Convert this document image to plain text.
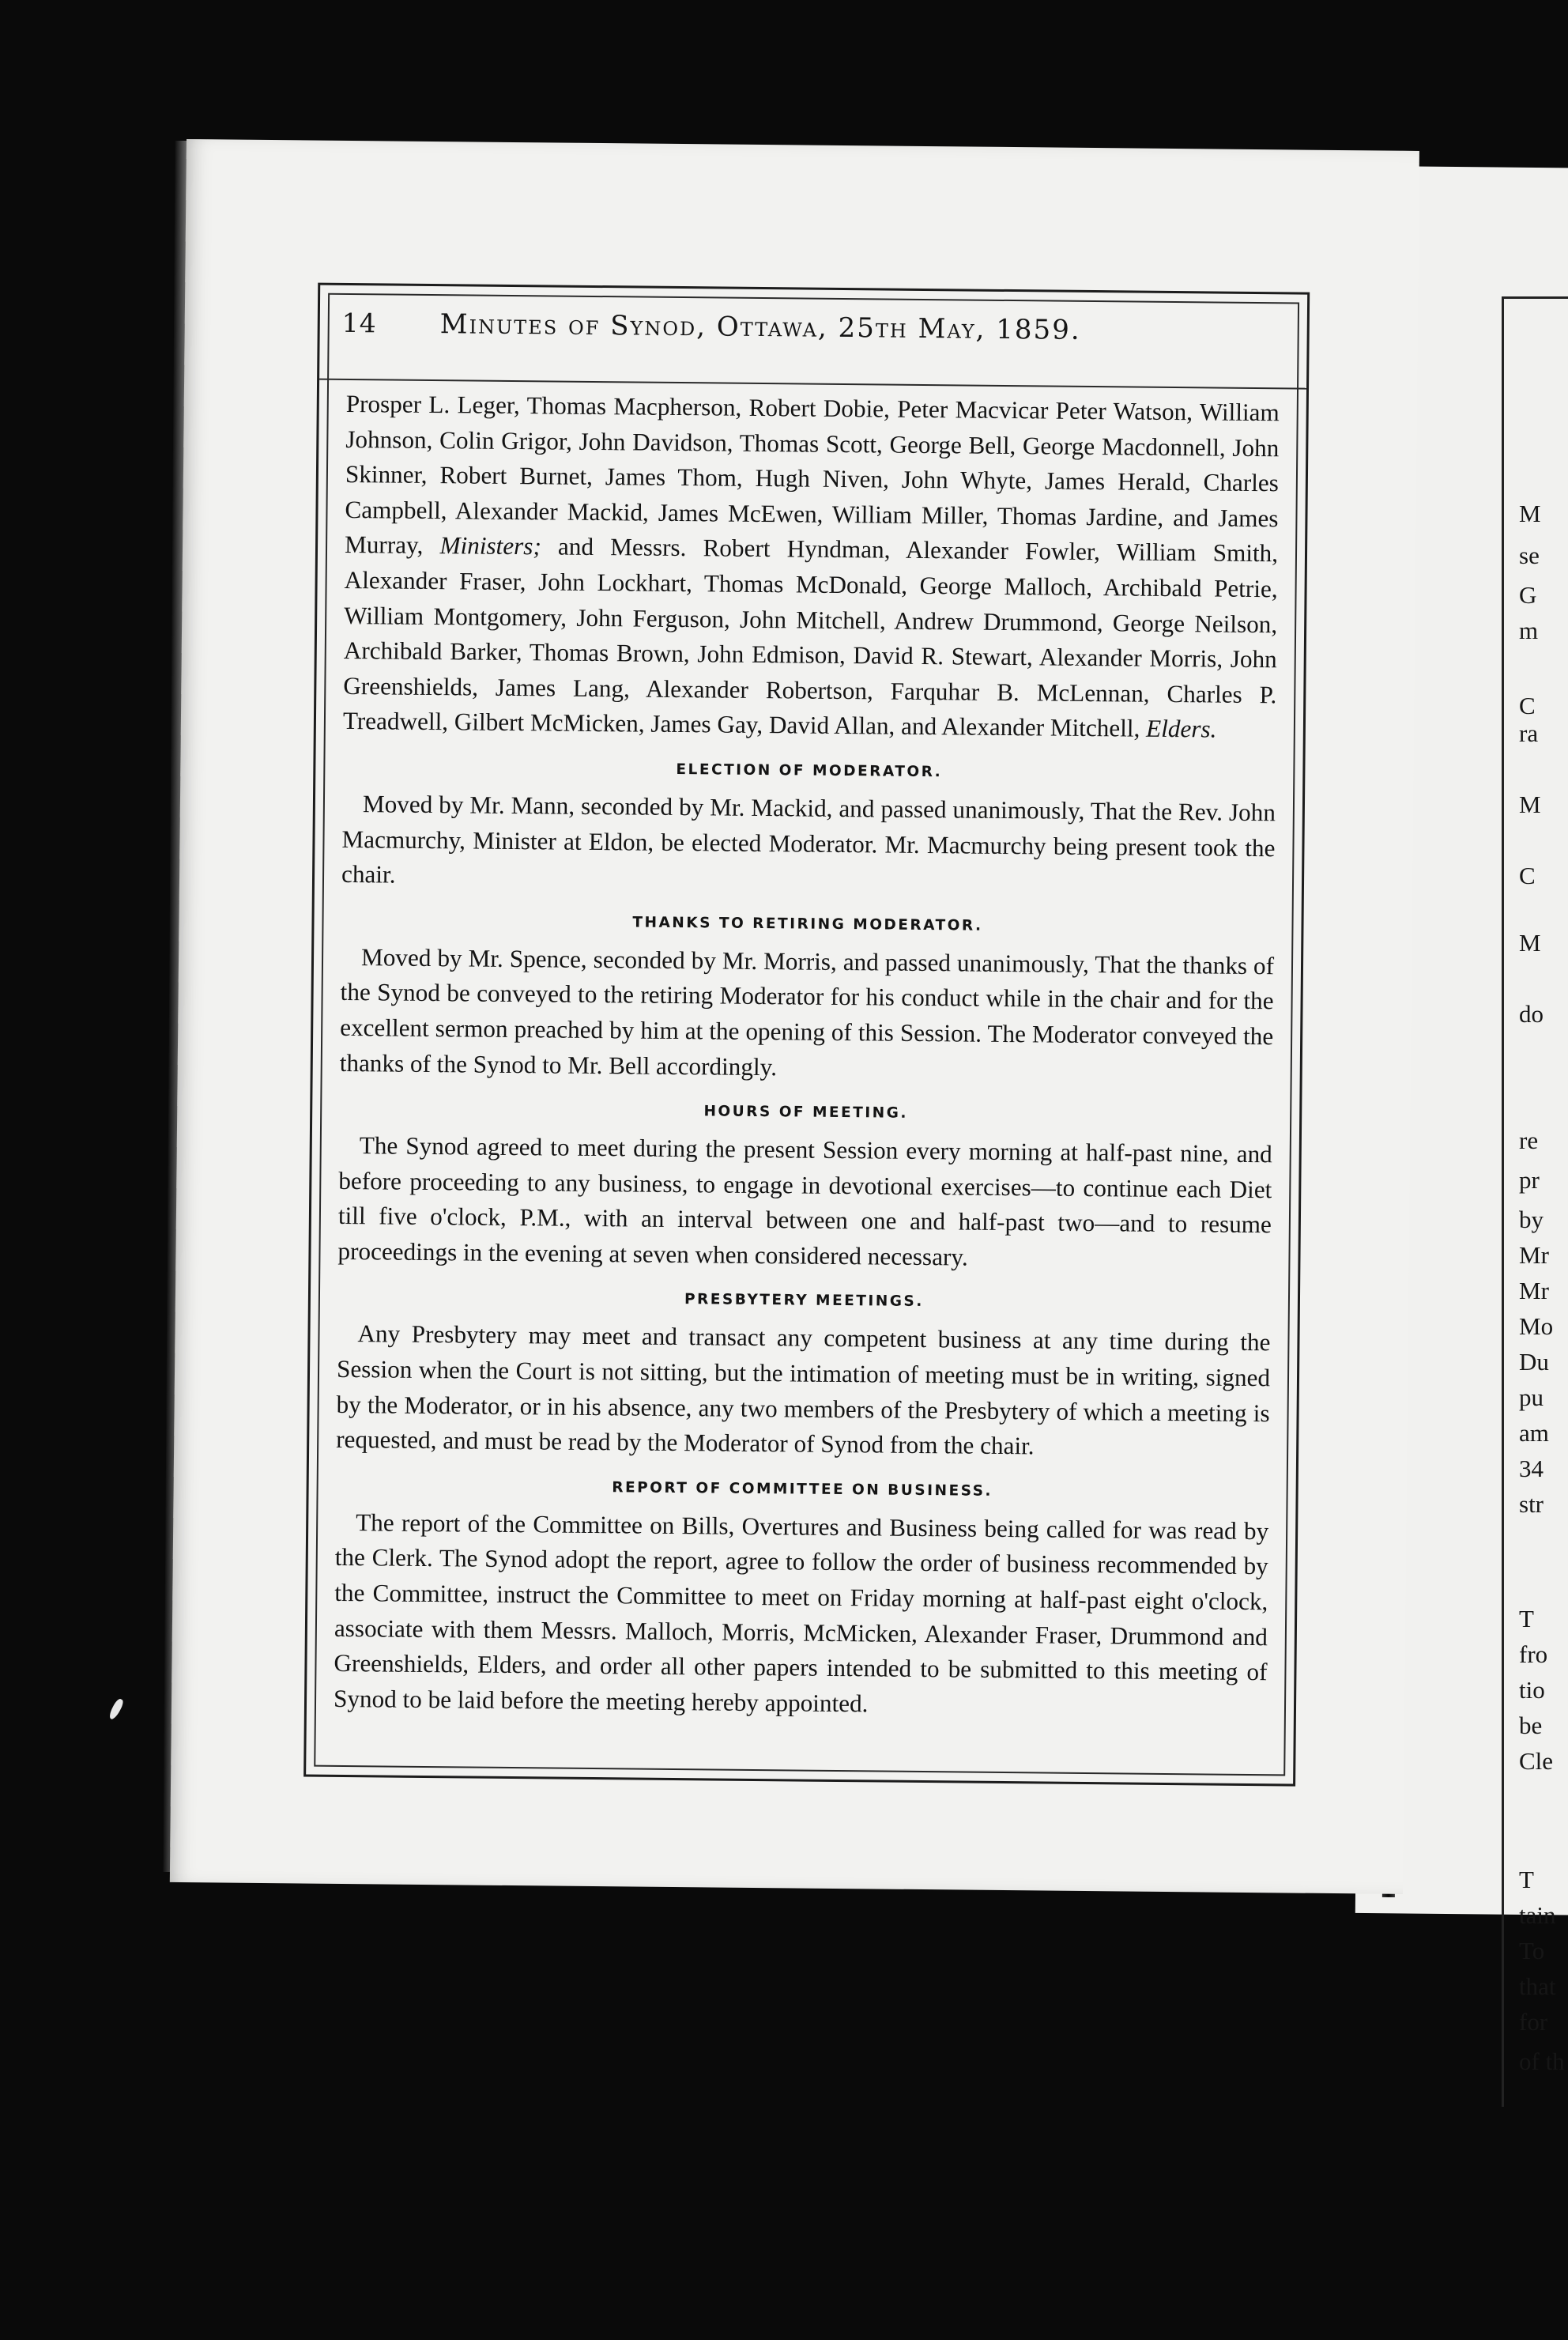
14 Minutes of Synod, Ottawa, 25th May, 1859.

Prosper L. Leger, Thomas Macpherson, Robert Dobie, Peter Macvicar Peter Watson, William Johnson, Colin Grigor, John Davidson, Thomas Scott, George Bell, George Macdonnell, John Skinner, Robert Burnet, James Thom, Hugh Niven, John Whyte, James Herald, Charles Campbell, Alexander Mackid, James McEwen, William Miller, Thomas Jardine, and James Murray, Ministers; and Messrs. Robert Hyndman, Alexander Fowler, William Smith, Alexander Fraser, John Lockhart, Thomas McDonald, George Malloch, Archibald Petrie, William Montgomery, John Ferguson, John Mitchell, Andrew Drummond, George Neilson, Archibald Barker, Thomas Brown, John Edmison, David R. Stewart, Alexander Morris, John Greenshields, James Lang, Alexander Robertson, Farquhar B. McLennan, Charles P. Treadwell, Gilbert McMicken, James Gay, David Allan, and Alexander Mitchell, Elders.

ELECTION OF MODERATOR.

Moved by Mr. Mann, seconded by Mr. Mackid, and passed unanimously, That the Rev. John Macmurchy, Minister at Eldon, be elected Moderator. Mr. Macmurchy being present took the chair.

THANKS TO RETIRING MODERATOR.

Moved by Mr. Spence, seconded by Mr. Morris, and passed unanimously, That the thanks of the Synod be conveyed to the retiring Moderator for his conduct while in the chair and for the excellent sermon preached by him at the opening of this Session. The Moderator conveyed the thanks of the Synod to Mr. Bell accordingly.

HOURS OF MEETING.

The Synod agreed to meet during the present Session every morning at half-past nine, and before proceeding to any business, to engage in devotional exercises—to continue each Diet till five o'clock, P.M., with an interval between one and half-past two—and to resume proceedings in the evening at seven when considered necessary.

PRESBYTERY MEETINGS.

Any Presbytery may meet and transact any competent business at any time during the Session when the Court is not sitting, but the intimation of meeting must be in writing, signed by the Moderator, or in his absence, any two members of the Presbytery of which a meeting is requested, and must be read by the Moderator of Synod from the chair.

REPORT OF COMMITTEE ON BUSINESS.

The report of the Committee on Bills, Overtures and Business being called for was read by the Clerk. The Synod adopt the report, agree to follow the order of business recommended by the Committee, instruct the Committee to meet on Friday morning at half-past eight o'clock, associate with them Messrs. Malloch, Morris, McMicken, Alexander Fraser, Drummond and Greenshields, Elders, and order all other papers intended to be submitted to this meeting of Synod to be laid before the meeting hereby appointed.

M
se
G
m
C
ra
M
C
M
do
re
pr
by
Mr
Mr
Mo
Du
pu
am
34
str
T
fro
tio
be
Cle
T
tain
To
that
for
of th
